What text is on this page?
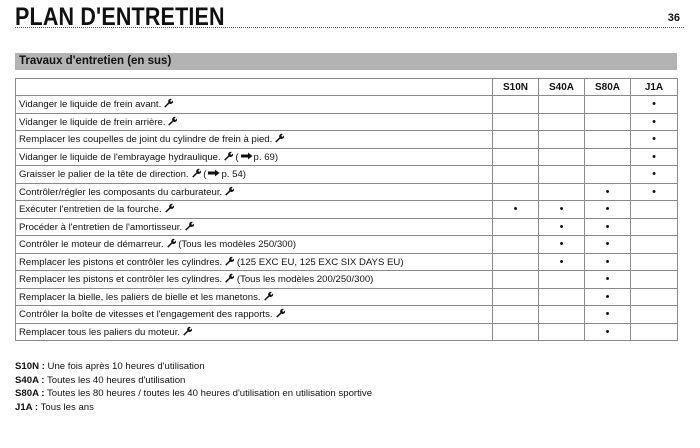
PLAN D'ENTRETIEN	36
Travaux d'entretien (en sus)
	S10N	S40A	S80A	J1A
Vidanger le liquide de frein avant.				•
Vidanger le liquide de frein arrière.				•
Remplacer les coupelles de joint du cylindre de frein à pied.				•
Vidanger le liquide de l'embrayage hydraulique. ( p. 69)				•
Graisser le palier de la tête de direction. ( p. 54)				•
Contrôler/régler les composants du carburateur.			•	•
Exécuter l'entretien de la fourche.	•	•	•	
Procéder à l'entretien de l'amortisseur.		•	•	
Contrôler le moteur de démarreur. (Tous les modèles 250/300)		•	•	
Remplacer les pistons et contrôler les cylindres. (125 EXC EU, 125 EXC SIX DAYS EU)		•	•	
Remplacer les pistons et contrôler les cylindres. (Tous les modèles 200/250/300)			•	
Remplacer la bielle, les paliers de bielle et les manetons.			•	
Contrôler la boîte de vitesses et l'engagement des rapports.			•	
Remplacer tous les paliers du moteur.			•	
S10N : Une fois après 10 heures d'utilisation
S40A : Toutes les 40 heures d'utilisation
S80A : Toutes les 80 heures / toutes les 40 heures d'utilisation en utilisation sportive
J1A : Tous les ans
